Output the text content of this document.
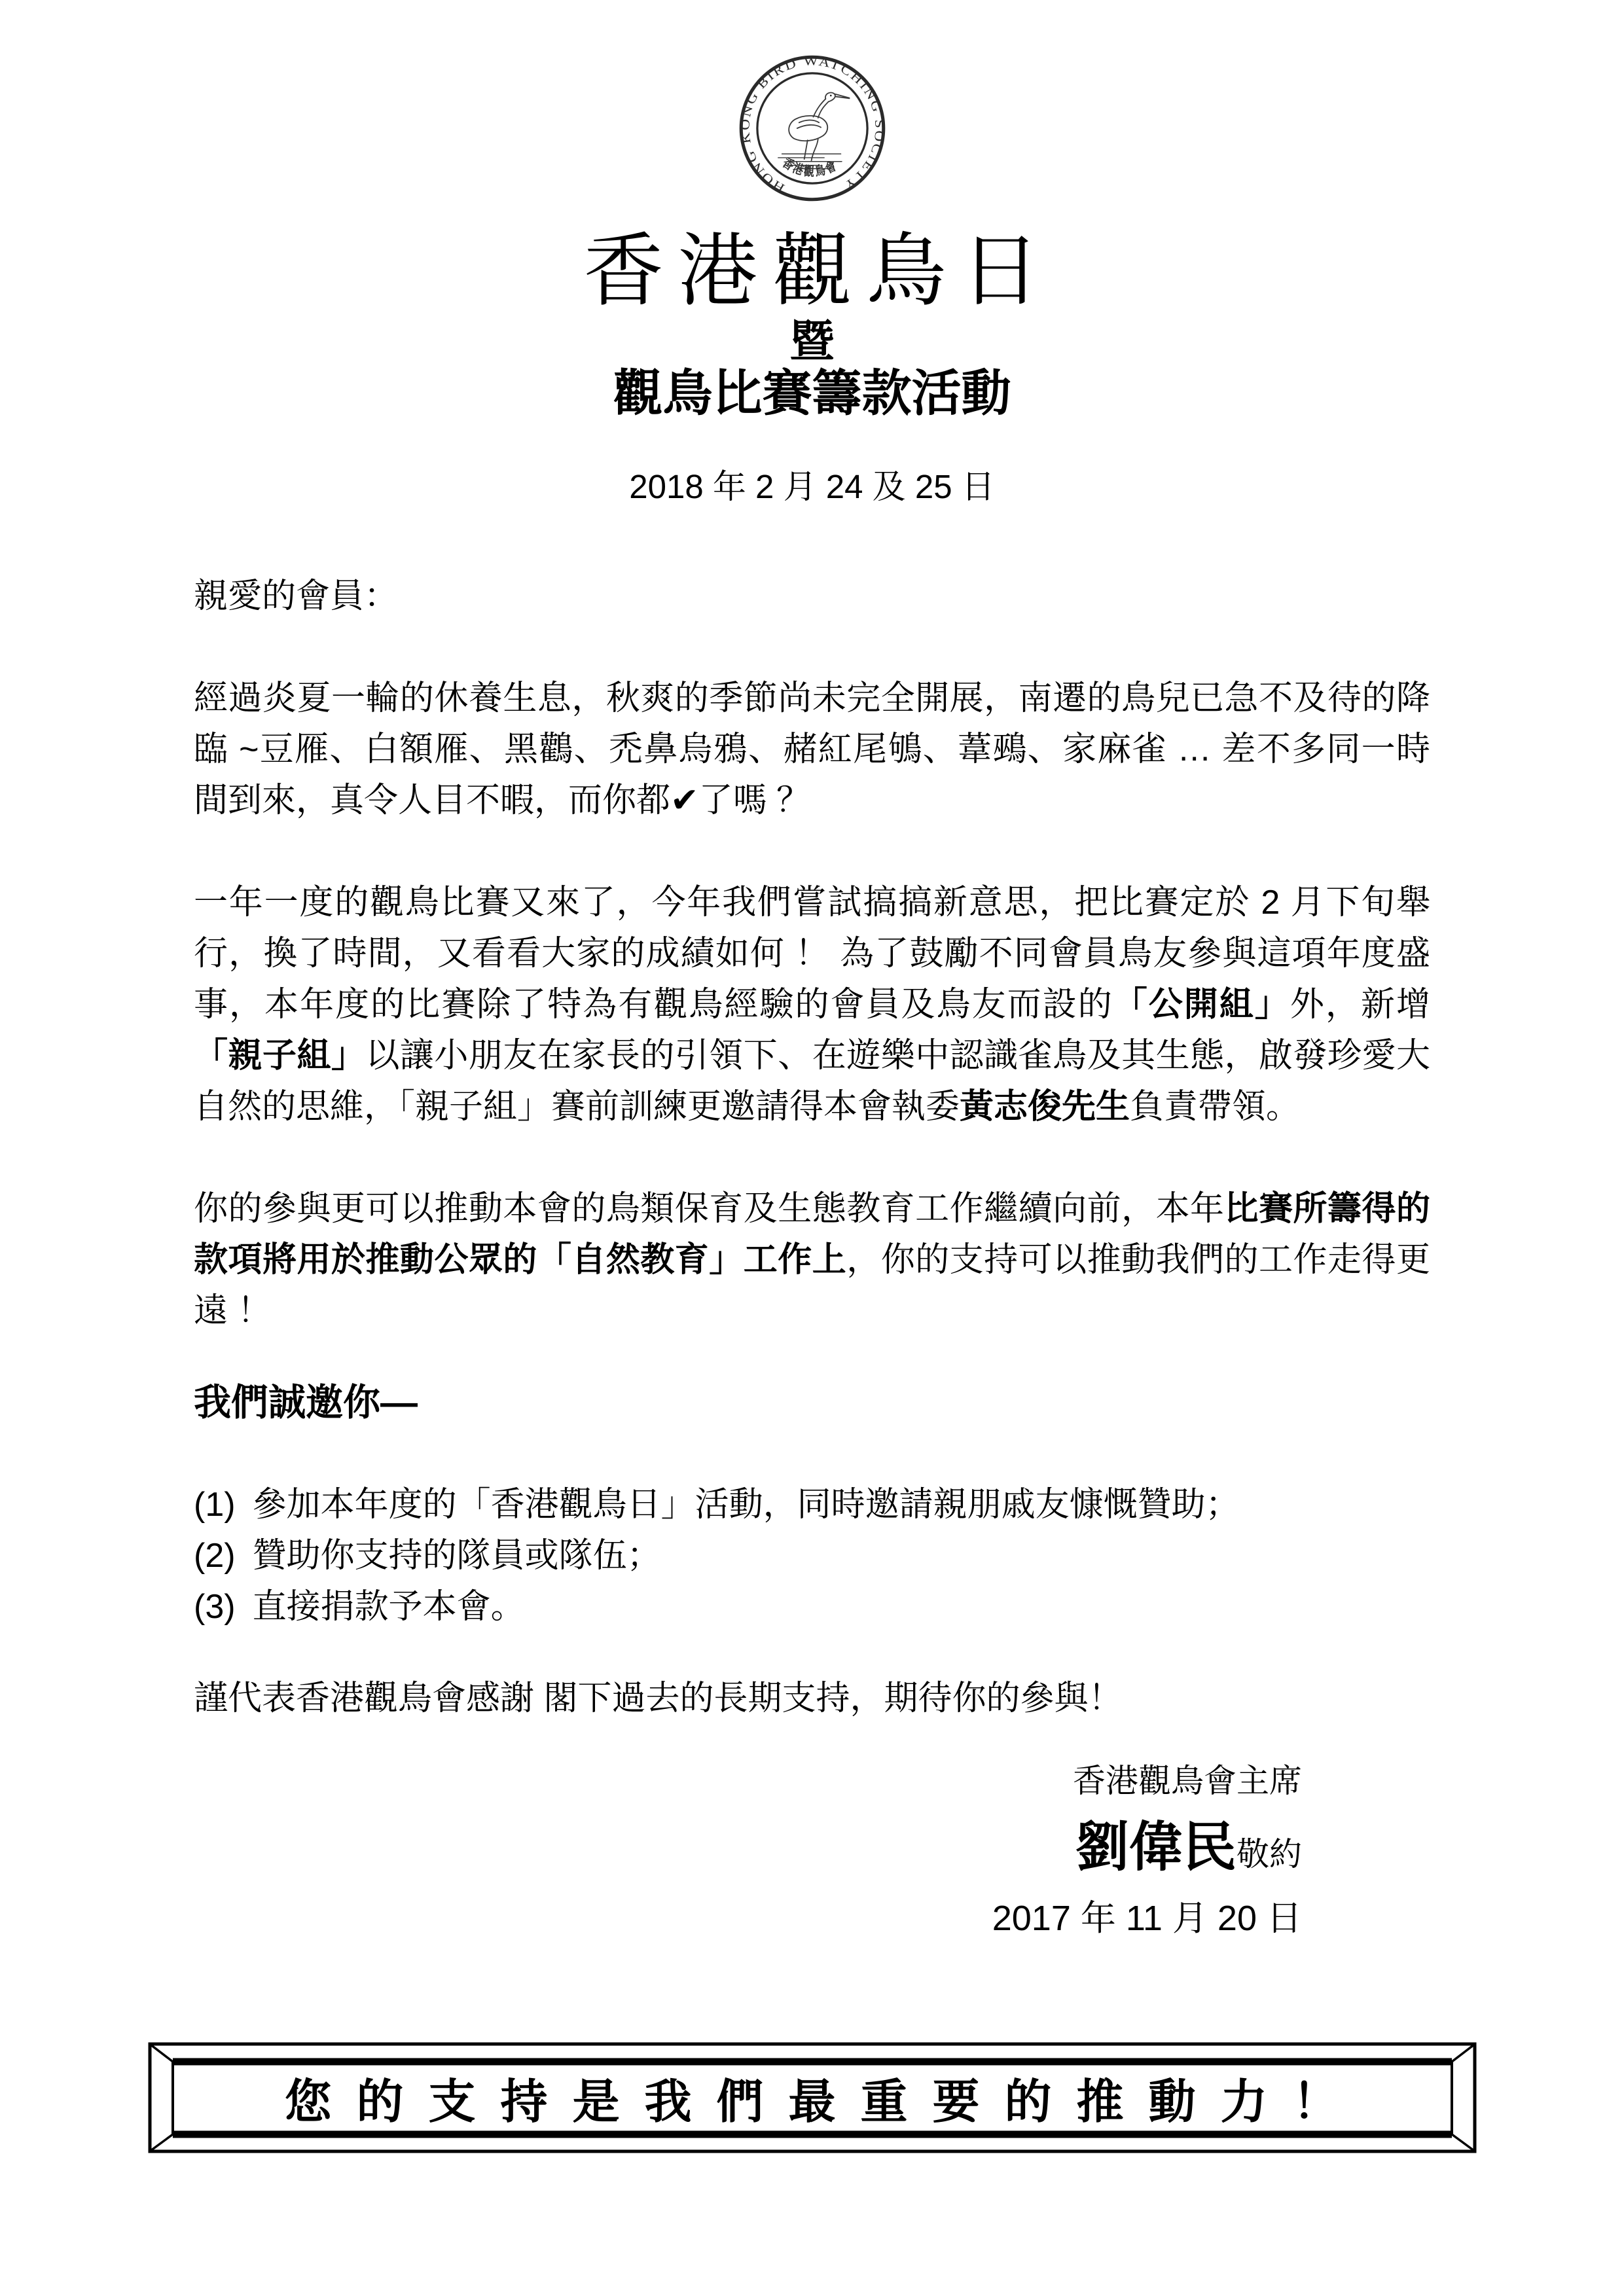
HONG KONG BIRD WATCHING SOCIETY
香港觀鳥會
香港觀鳥日
暨
觀鳥比賽籌款活動
2018 年 2 月 24 及 25 日
親愛的會員：

經過炎夏一輪的休養生息，秋爽的季節尚未完全開展，南遷的鳥兒已急不及待的降臨 ~豆雁、白額雁、黑鸛、禿鼻烏鴉、赭紅尾鴝、葦鵐、家麻雀 … 差不多同一時間到來，真令人目不暇，而你都✔了嗎 ？

一年一度的觀鳥比賽又來了，今年我們嘗試搞搞新意思，把比賽定於 2 月下旬舉行，換了時間，又看看大家的成績如何 ！ 為了鼓勵不同會員鳥友參與這項年度盛事，本年度的比賽除了特為有觀鳥經驗的會員及鳥友而設的「公開組」外，新增「親子組」以讓小朋友在家長的引領下、在遊樂中認識雀鳥及其生態，啟發珍愛大自然的思維，「親子組」賽前訓練更邀請得本會執委黃志俊先生負責帶領。

你的參與更可以推動本會的鳥類保育及生態教育工作繼續向前，本年比賽所籌得的款項將用於推動公眾的「自然教育」工作上，你的支持可以推動我們的工作走得更遠 ！

我們誠邀你—
(1) 參加本年度的「香港觀鳥日」活動，同時邀請親朋戚友慷慨贊助；
(2) 贊助你支持的隊員或隊伍；
(3) 直接捐款予本會。
謹代表香港觀鳥會感謝 閣下過去的長期支持，期待你的參與！
香港觀鳥會主席
劉偉民敬約
2017 年 11 月 20 日
您的支持是我們最重要的推動力！
